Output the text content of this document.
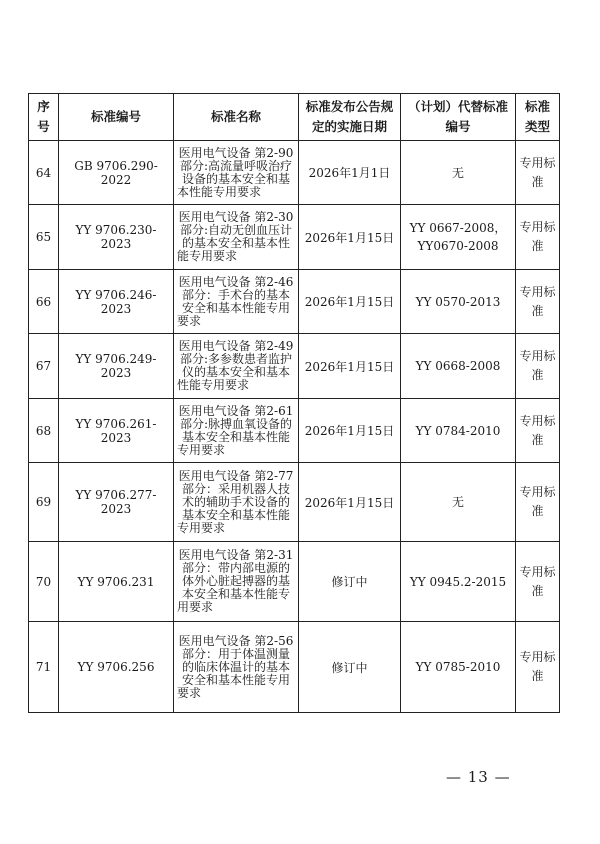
序号	标准编号	标准名称	标准发布公告规定的实施日期	（计划）代替标准编号	标准类型
64	GB 9706.290-2022	医用电气设备 第2-90部分:高流量呼吸治疗设备的基本安全和基本性能专用要求	2026年1月1日	无	专用标准
65	YY 9706.230-2023	医用电气设备 第2-30部分:自动无创血压计的基本安全和基本性能专用要求	2026年1月15日	YY 0667-2008，YY0670-2008	专用标准
66	YY 9706.246-2023	医用电气设备 第2-46部分：手术台的基本安全和基本性能专用要求	2026年1月15日	YY 0570-2013	专用标准
67	YY 9706.249-2023	医用电气设备 第2-49部分:多参数患者监护仪的基本安全和基本性能专用要求	2026年1月15日	YY 0668-2008	专用标准
68	YY 9706.261-2023	医用电气设备 第2-61部分:脉搏血氧设备的基本安全和基本性能专用要求	2026年1月15日	YY 0784-2010	专用标准
69	YY 9706.277-2023	医用电气设备 第2-77部分：采用机器人技术的辅助手术设备的基本安全和基本性能专用要求	2026年1月15日	无	专用标准
70	YY 9706.231	医用电气设备 第2-31部分：带内部电源的体外心脏起搏器的基本安全和基本性能专用要求	修订中	YY 0945.2-2015	专用标准
71	YY 9706.256	医用电气设备 第2-56部分：用于体温测量的临床体温计的基本安全和基本性能专用要求	修订中	YY 0785-2010	专用标准
— 13 —
